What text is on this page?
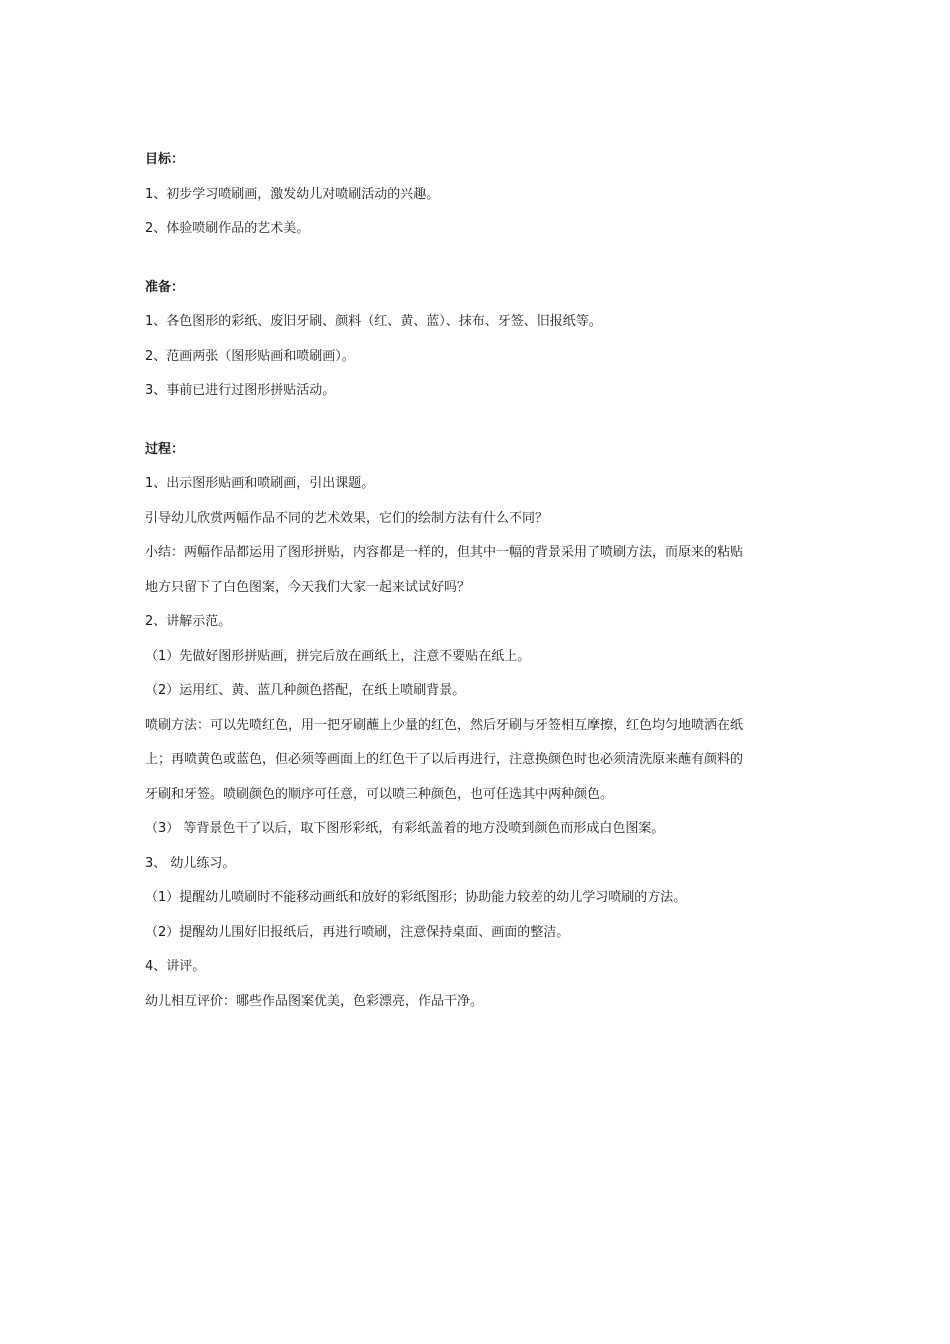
目标：
1、初步学习喷刷画，激发幼儿对喷刷活动的兴趣。
2、体验喷刷作品的艺术美。
准备：
1、各色图形的彩纸、废旧牙刷、颜料（红、黄、蓝）、抹布、牙签、旧报纸等。
2、范画两张（图形贴画和喷刷画）。
3、事前已进行过图形拼贴活动。
过程：
1、出示图形贴画和喷刷画，引出课题。
引导幼儿欣赏两幅作品不同的艺术效果，它们的绘制方法有什么不同？
小结：两幅作品都运用了图形拼贴，内容都是一样的，但其中一幅的背景采用了喷刷方法，而原来的粘贴
地方只留下了白色图案，今天我们大家一起来试试好吗？
2、讲解示范。
（1）先做好图形拼贴画，拼完后放在画纸上，注意不要贴在纸上。
（2）运用红、黄、蓝几种颜色搭配，在纸上喷刷背景。
喷刷方法：可以先喷红色，用一把牙刷蘸上少量的红色，然后牙刷与牙签相互摩擦，红色均匀地喷洒在纸
上；再喷黄色或蓝色，但必须等画面上的红色干了以后再进行，注意换颜色时也必须清洗原来蘸有颜料的
牙刷和牙签。喷刷颜色的顺序可任意，可以喷三种颜色，也可任选其中两种颜色。
（3） 等背景色干了以后，取下图形彩纸，有彩纸盖着的地方没喷到颜色而形成白色图案。
3、 幼儿练习。
（1）提醒幼儿喷刷时不能移动画纸和放好的彩纸图形；协助能力较差的幼儿学习喷刷的方法。
（2）提醒幼儿围好旧报纸后，再进行喷刷，注意保持桌面、画面的整洁。
4、讲评。
幼儿相互评价：哪些作品图案优美，色彩漂亮，作品干净。
